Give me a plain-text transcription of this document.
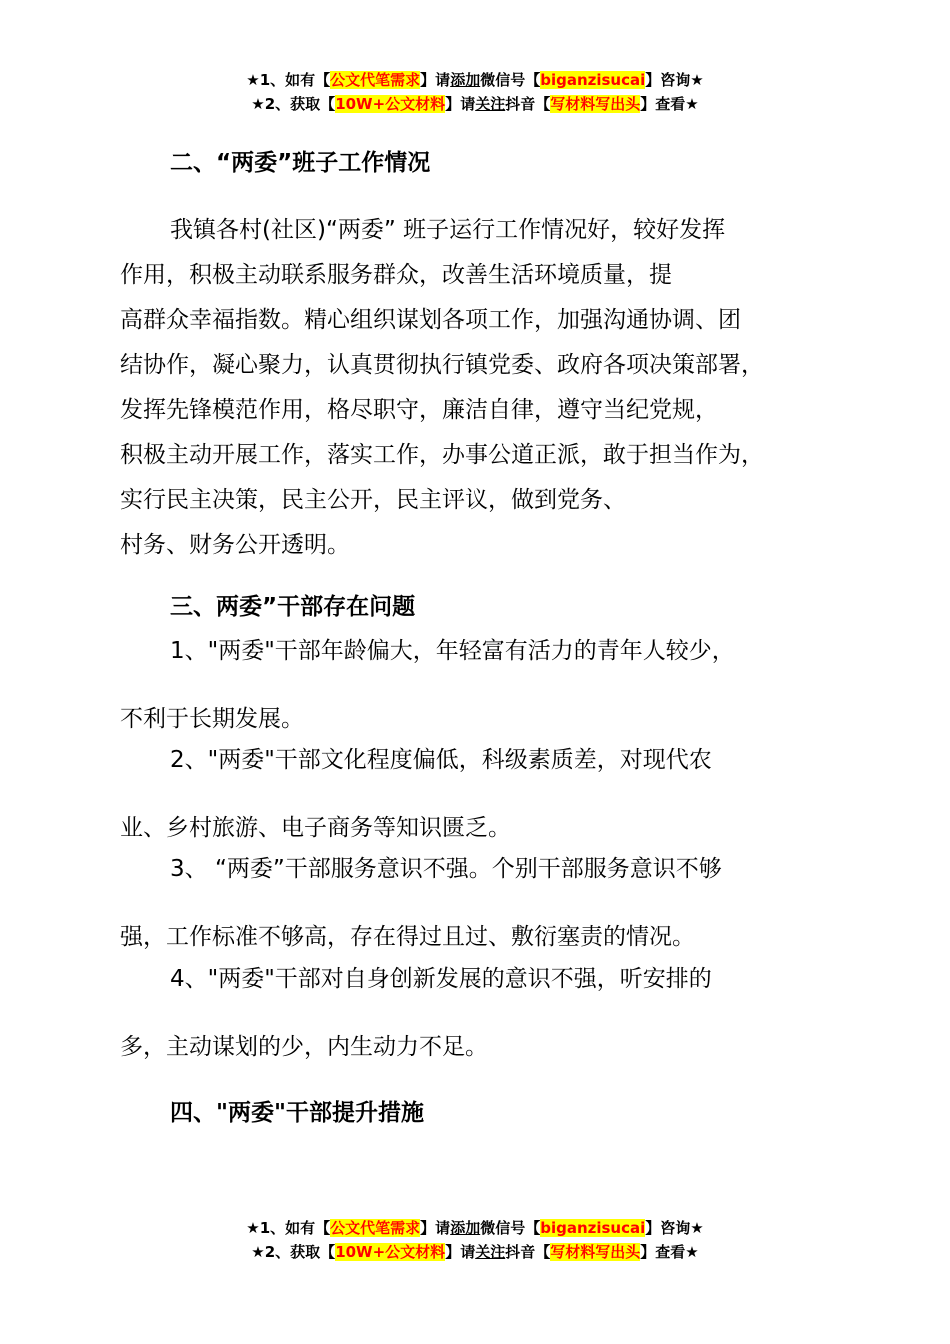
★1、如有【公文代笔需求】请添加微信号【biganzisucai】咨询★
★2、获取【10W+公文材料】请关注抖音【写材料写出头】查看★
二、“两委”班子工作情况
我镇各村(社区)“两委” 班子运行工作情况好，较好发挥
作用，积极主动联系服务群众，改善生活环境质量，提
高群众幸福指数。精心组织谋划各项工作，加强沟通协调、团
结协作，凝心聚力，认真贯彻执行镇党委、政府各项决策部署，
发挥先锋模范作用，格尽职守，廉洁自律，遵守当纪党规，
积极主动开展工作，落实工作，办事公道正派，敢于担当作为，
实行民主决策，民主公开，民主评议，做到党务、
村务、财务公开透明。
三、两委”干部存在问题
1、"两委"干部年龄偏大，年轻富有活力的青年人较少，
不利于长期发展。
2、"两委"干部文化程度偏低，科级素质差，对现代农
业、乡村旅游、电子商务等知识匮乏。
3、 “两委”干部服务意识不强。个别干部服务意识不够
强，工作标准不够高，存在得过且过、敷衍塞责的情况。
4、"两委"干部对自身创新发展的意识不强，听安排的
多，主动谋划的少，内生动力不足。
四、"两委"干部提升措施
★1、如有【公文代笔需求】请添加微信号【biganzisucai】咨询★
★2、获取【10W+公文材料】请关注抖音【写材料写出头】查看★
